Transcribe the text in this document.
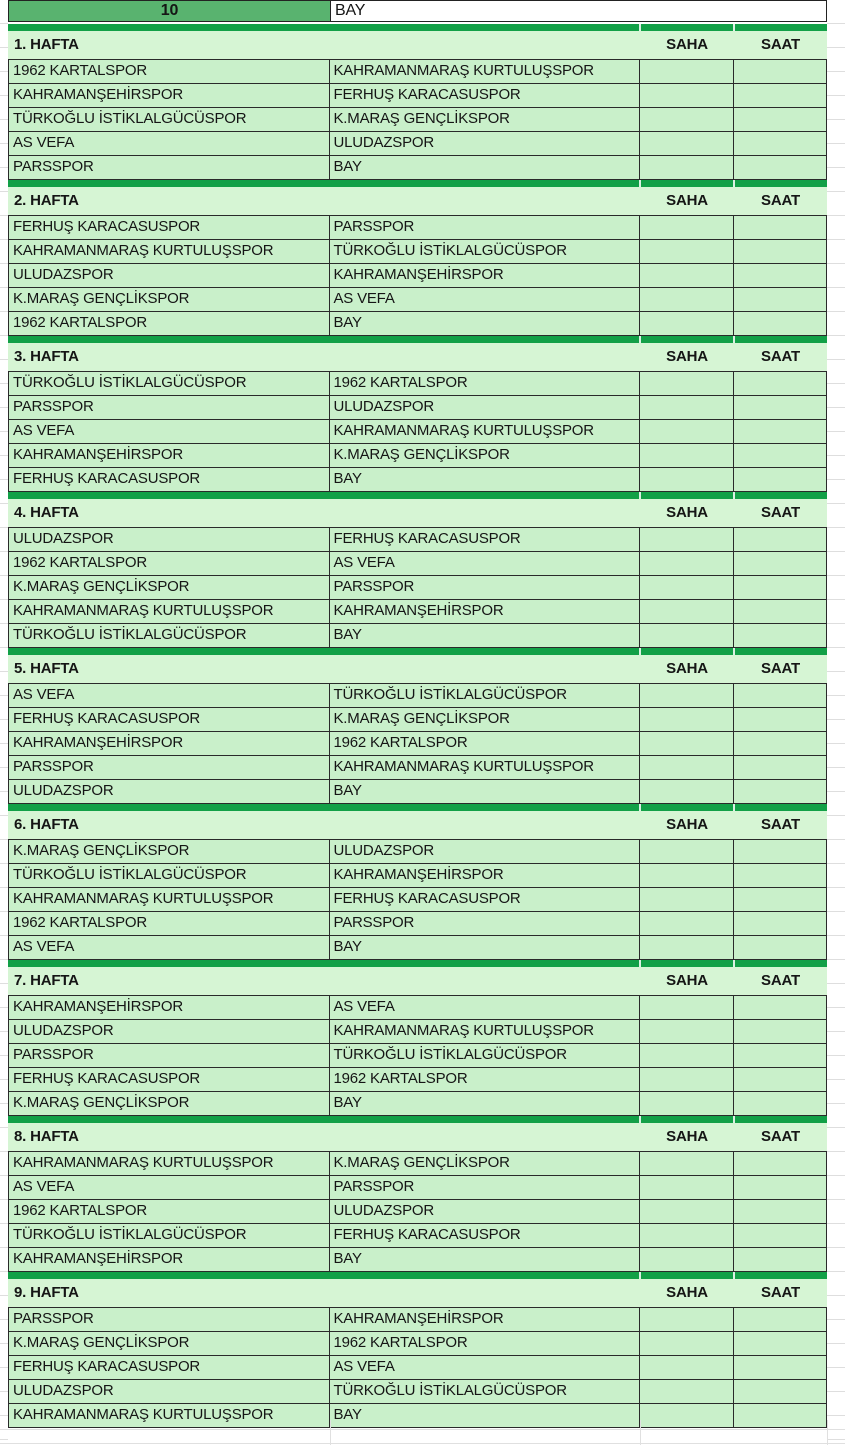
10	BAY
1. HAFTA	SAHA	SAAT
1962 KARTALSPOR	KAHRAMANMARAŞ KURTULUŞSPOR
KAHRAMANŞEHİRSPOR	FERHUŞ KARACASUSPOR
TÜRKOĞLU İSTİKLALGÜCÜSPOR	K.MARAŞ GENÇLİKSPOR
AS VEFA	ULUDAZSPOR
PARSSPOR	BAY
2. HAFTA	SAHA	SAAT
FERHUŞ KARACASUSPOR	PARSSPOR
KAHRAMANMARAŞ KURTULUŞSPOR	TÜRKOĞLU İSTİKLALGÜCÜSPOR
ULUDAZSPOR	KAHRAMANŞEHİRSPOR
K.MARAŞ GENÇLİKSPOR	AS VEFA
1962 KARTALSPOR	BAY
3. HAFTA	SAHA	SAAT
TÜRKOĞLU İSTİKLALGÜCÜSPOR	1962 KARTALSPOR
PARSSPOR	ULUDAZSPOR
AS VEFA	KAHRAMANMARAŞ KURTULUŞSPOR
KAHRAMANŞEHİRSPOR	K.MARAŞ GENÇLİKSPOR
FERHUŞ KARACASUSPOR	BAY
4. HAFTA	SAHA	SAAT
ULUDAZSPOR	FERHUŞ KARACASUSPOR
1962 KARTALSPOR	AS VEFA
K.MARAŞ GENÇLİKSPOR	PARSSPOR
KAHRAMANMARAŞ KURTULUŞSPOR	KAHRAMANŞEHİRSPOR
TÜRKOĞLU İSTİKLALGÜCÜSPOR	BAY
5. HAFTA	SAHA	SAAT
AS VEFA	TÜRKOĞLU İSTİKLALGÜCÜSPOR
FERHUŞ KARACASUSPOR	K.MARAŞ GENÇLİKSPOR
KAHRAMANŞEHİRSPOR	1962 KARTALSPOR
PARSSPOR	KAHRAMANMARAŞ KURTULUŞSPOR
ULUDAZSPOR	BAY
6. HAFTA	SAHA	SAAT
K.MARAŞ GENÇLİKSPOR	ULUDAZSPOR
TÜRKOĞLU İSTİKLALGÜCÜSPOR	KAHRAMANŞEHİRSPOR
KAHRAMANMARAŞ KURTULUŞSPOR	FERHUŞ KARACASUSPOR
1962 KARTALSPOR	PARSSPOR
AS VEFA	BAY
7. HAFTA	SAHA	SAAT
KAHRAMANŞEHİRSPOR	AS VEFA
ULUDAZSPOR	KAHRAMANMARAŞ KURTULUŞSPOR
PARSSPOR	TÜRKOĞLU İSTİKLALGÜCÜSPOR
FERHUŞ KARACASUSPOR	1962 KARTALSPOR
K.MARAŞ GENÇLİKSPOR	BAY
8. HAFTA	SAHA	SAAT
KAHRAMANMARAŞ KURTULUŞSPOR	K.MARAŞ GENÇLİKSPOR
AS VEFA	PARSSPOR
1962 KARTALSPOR	ULUDAZSPOR
TÜRKOĞLU İSTİKLALGÜCÜSPOR	FERHUŞ KARACASUSPOR
KAHRAMANŞEHİRSPOR	BAY
9. HAFTA	SAHA	SAAT
PARSSPOR	KAHRAMANŞEHİRSPOR
K.MARAŞ GENÇLİKSPOR	1962 KARTALSPOR
FERHUŞ KARACASUSPOR	AS VEFA
ULUDAZSPOR	TÜRKOĞLU İSTİKLALGÜCÜSPOR
KAHRAMANMARAŞ KURTULUŞSPOR	BAY
